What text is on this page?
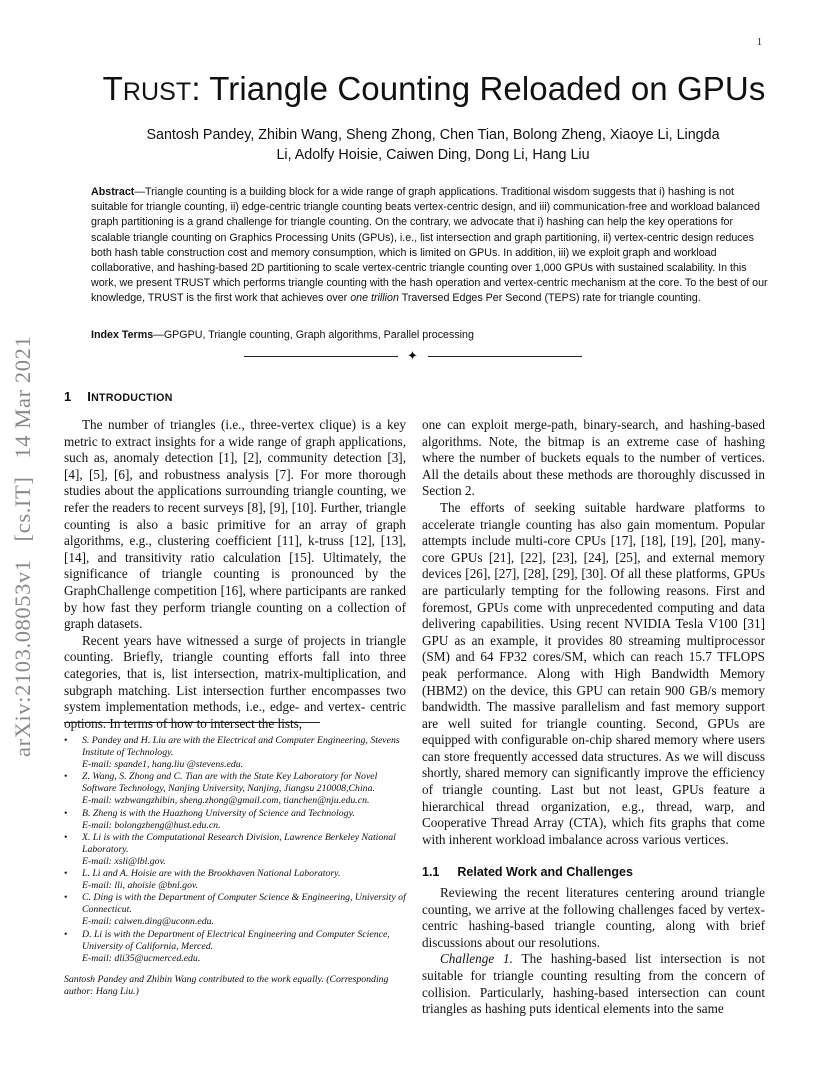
1
arXiv:2103.08053v1[cs.IT]14 Mar 2021
TRUST: Triangle Counting Reloaded on GPUs
Santosh Pandey, Zhibin Wang, Sheng Zhong, Chen Tian, Bolong Zheng, Xiaoye Li, Lingda Li, Adolfy Hoisie, Caiwen Ding, Dong Li, Hang Liu
Abstract—Triangle counting is a building block for a wide range of graph applications. Traditional wisdom suggests that i) hashing is not suitable for triangle counting, ii) edge-centric triangle counting beats vertex-centric design, and iii) communication-free and workload balanced graph partitioning is a grand challenge for triangle counting. On the contrary, we advocate that i) hashing can help the key operations for scalable triangle counting on Graphics Processing Units (GPUs), i.e., list intersection and graph partitioning, ii) vertex-centric design reduces both hash table construction cost and memory consumption, which is limited on GPUs. In addition, iii) we exploit graph and workload collaborative, and hashing-based 2D partitioning to scale vertex-centric triangle counting over 1,000 GPUs with sustained scalability. In this work, we present TRUST which performs triangle counting with the hash operation and vertex-centric mechanism at the core. To the best of our knowledge, TRUST is the first work that achieves over one trillion Traversed Edges Per Second (TEPS) rate for triangle counting.
Index Terms—GPGPU, Triangle counting, Graph algorithms, Parallel processing
✦
1 INTRODUCTION

The number of triangles (i.e., three-vertex clique) is a key metric to extract insights for a wide range of graph applications, such as, anomaly detection [1], [2], community detection [3], [4], [5], [6], and robustness analysis [7]. For more thorough studies about the applications surrounding triangle counting, we refer the readers to recent surveys [8], [9], [10]. Further, triangle counting is also a basic primitive for an array of graph algorithms, e.g., clustering coefficient [11], k-truss [12], [13], [14], and transitivity ratio calculation [15]. Ultimately, the significance of triangle counting is pronounced by the GraphChallenge competition [16], where participants are ranked by how fast they perform triangle counting on a collection of graph datasets.

Recent years have witnessed a surge of projects in triangle counting. Briefly, triangle counting efforts fall into three categories, that is, list intersection, matrix-multiplication, and subgraph matching. List intersection further encompasses two system implementation methods, i.e., edge- and vertex- centric options. In terms of how to intersect the lists,

• S. Pandey and H. Liu are with the Electrical and Computer Engineering, Stevens Institute of Technology.
E-mail: spande1, hang.liu @stevens.edu.
• Z. Wang, S. Zhong and C. Tian are with the State Key Laboratory for Novel Software Technology, Nanjing University, Nanjing, Jiangsu 210008,China.
E-mail: wzbwangzhibin, sheng.zhong@gmail.com, tianchen@nju.edu.cn.
• B. Zheng is with the Huazhong University of Science and Technology.
E-mail: bolongzheng@hust.edu.cn.
• X. Li is with the Computational Research Division, Lawrence Berkeley National Laboratory.
E-mail: xsli@lbl.gov.
• L. Li and A. Hoisie are with the Brookhaven National Laboratory.
E-mail: lli, ahoisie @bnl.gov.
• C. Ding is with the Department of Computer Science & Engineering, University of Connecticut.
E-mail: caiwen.ding@uconn.edu.
• D. Li is with the Department of Electrical Engineering and Computer Science, University of California, Merced.
E-mail: dli35@ucmerced.edu.
Santosh Pandey and Zhibin Wang contributed to the work equally. (Corresponding author: Hang Liu.)

one can exploit merge-path, binary-search, and hashing-based algorithms. Note, the bitmap is an extreme case of hashing where the number of buckets equals to the number of vertices. All the details about these methods are thoroughly discussed in Section 2.

The efforts of seeking suitable hardware platforms to accelerate triangle counting has also gain momentum. Popular attempts include multi-core CPUs [17], [18], [19], [20], many-core GPUs [21], [22], [23], [24], [25], and external memory devices [26], [27], [28], [29], [30]. Of all these platforms, GPUs are particularly tempting for the following reasons. First and foremost, GPUs come with unprecedented computing and data delivering capabilities. Using recent NVIDIA Tesla V100 [31] GPU as an example, it provides 80 streaming multiprocessor (SM) and 64 FP32 cores/SM, which can reach 15.7 TFLOPS peak performance. Along with High Bandwidth Memory (HBM2) on the device, this GPU can retain 900 GB/s memory bandwidth. The massive parallelism and fast memory support are well suited for triangle counting. Second, GPUs are equipped with configurable on-chip shared memory where users can store frequently accessed data structures. As we will discuss shortly, shared memory can significantly improve the efficiency of triangle counting. Last but not least, GPUs feature a hierarchical thread organization, e.g., thread, warp, and Cooperative Thread Array (CTA), which fits graphs that come with inherent workload imbalance across various vertices.

1.1 Related Work and Challenges

Reviewing the recent literatures centering around triangle counting, we arrive at the following challenges faced by vertex-centric hashing-based triangle counting, along with brief discussions about our resolutions.

Challenge 1. The hashing-based list intersection is not suitable for triangle counting resulting from the concern of collision. Particularly, hashing-based intersection can count triangles as hashing puts identical elements into the same
